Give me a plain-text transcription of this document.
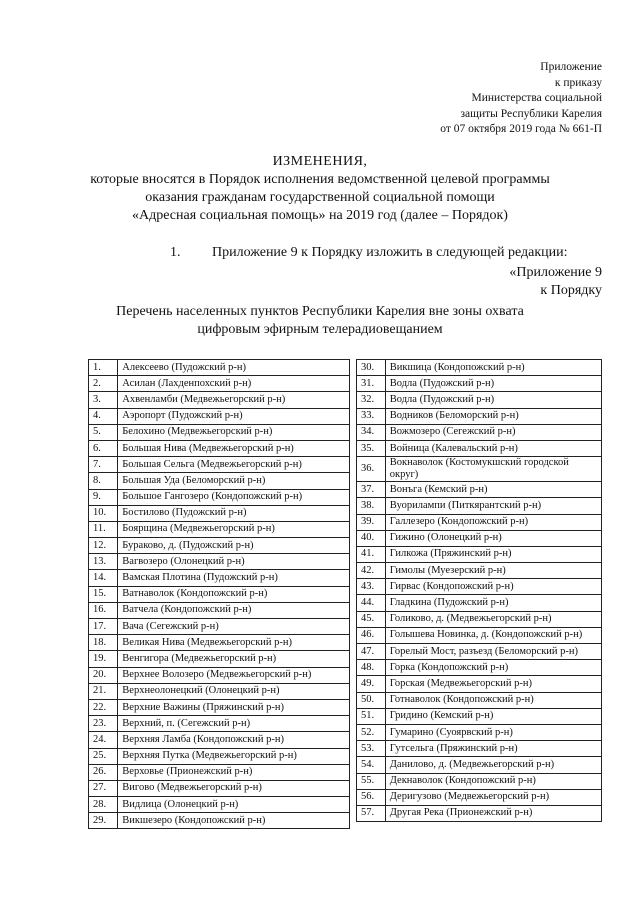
Приложение
к приказу
Министерства социальной
защиты Республики Карелия
от 07 октября 2019 года № 661-П
ИЗМЕНЕНИЯ,
которые вносятся в Порядок исполнения ведомственной целевой программы
оказания гражданам государственной социальной помощи
«Адресная социальная помощь» на 2019 год (далее – Порядок)
1. Приложение 9 к Порядку изложить в следующей редакции:
«Приложение 9
к Порядку
Перечень населенных пунктов Республики Карелия вне зоны охвата
цифровым эфирным телерадиовещанием
1.	Алексеево (Пудожский р-н)
2.	Асилан (Лахденпохский р-н)
3.	Ахвенламби (Медвежьегорский р-н)
4.	Аэропорт (Пудожский р-н)
5.	Белохино (Медвежьегорский р-н)
6.	Большая Нива (Медвежьегорский р-н)
7.	Большая Сельга (Медвежьегорский р-н)
8.	Большая Уда (Беломорский р-н)
9.	Большое Гангозеро (Кондопожский р-н)
10.	Бостилово (Пудожский р-н)
11.	Боярщина (Медвежьегорский р-н)
12.	Бураково, д. (Пудожский р-н)
13.	Вагвозеро (Олонецкий р-н)
14.	Вамская Плотина (Пудожский р-н)
15.	Ватнаволок (Кондопожский р-н)
16.	Ватчела (Кондопожский р-н)
17.	Вача (Сегежский р-н)
18.	Великая Нива (Медвежьегорский р-н)
19.	Венгигора (Медвежьегорский р-н)
20.	Верхнее Волозеро (Медвежьегорский р-н)
21.	Верхнеолонецкий (Олонецкий р-н)
22.	Верхние Важины (Пряжинский р-н)
23.	Верхний, п. (Сегежский р-н)
24.	Верхняя Ламба (Кондопожский р-н)
25.	Верхняя Путка (Медвежьегорский р-н)
26.	Верховье (Прионежский р-н)
27.	Вигово (Медвежьегорский р-н)
28.	Видлица (Олонецкий р-н)
29.	Викшезеро (Кондопожский р-н)
30.	Викшица (Кондопожский р-н)
31.	Водла (Пудожский р-н)
32.	Водла (Пудожский р-н)
33.	Водников (Беломорский р-н)
34.	Вожмозеро (Сегежский р-н)
35.	Войница (Калевальский р-н)
36.	Вокнаволок (Костомукшский городской округ)
37.	Вонъга (Кемский р-н)
38.	Вуорилампи (Питкярантский р-н)
39.	Галлезеро (Кондопожский р-н)
40.	Гижино (Олонецкий р-н)
41.	Гилкожа (Пряжинский р-н)
42.	Гимолы (Муезерский р-н)
43.	Гирвас (Кондопожский р-н)
44.	Гладкина (Пудожский р-н)
45.	Голиково, д. (Медвежьегорский р-н)
46.	Голышева Новинка, д. (Кондопожский р-н)
47.	Горелый Мост, разъезд (Беломорский р-н)
48.	Горка (Кондопожский р-н)
49.	Горская (Медвежьегорский р-н)
50.	Готнаволок (Кондопожский р-н)
51.	Гридино (Кемский р-н)
52.	Гумарино (Суоярвский р-н)
53.	Гутсельга (Пряжинский р-н)
54.	Данилово, д. (Медвежьегорский р-н)
55.	Декнаволок (Кондопожский р-н)
56.	Деригузово (Медвежьегорский р-н)
57.	Другая Река (Прионежский р-н)
